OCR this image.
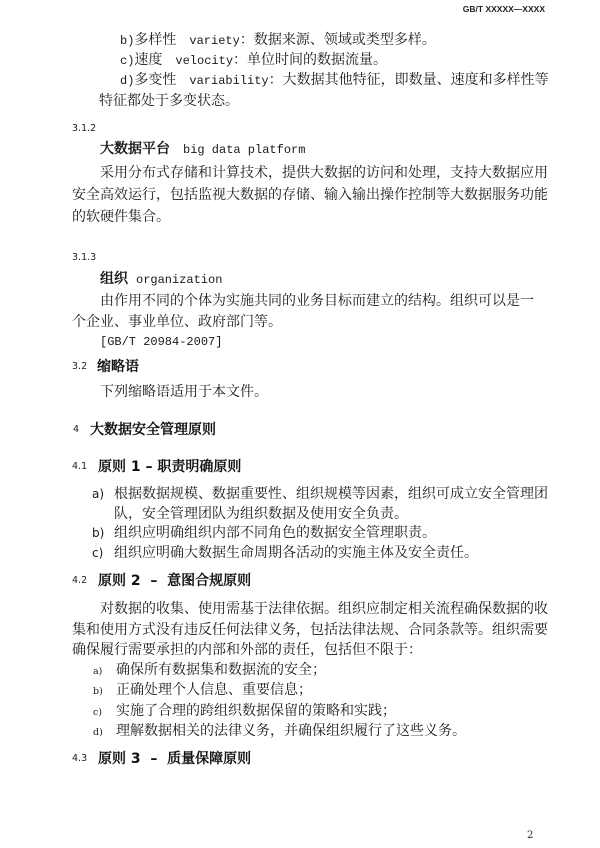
GB/T XXXXX—XXXX
b)多样性 variety：数据来源、领域或类型多样。
c)速度 velocity：单位时间的数据流量。
d)多变性 variability：大数据其他特征，即数量、速度和多样性等
特征都处于多变状态。
3.1.2
大数据平台 big data platform
采用分布式存储和计算技术，提供大数据的访问和处理，支持大数据应用
安全高效运行，包括监视大数据的存储、输入输出操作控制等大数据服务功能
的软硬件集合。
3.1.3
组织 organization
由作用不同的个体为实施共同的业务目标而建立的结构。组织可以是一
个企业、事业单位、政府部门等。
[GB/T 20984-2007]
3.2 缩略语
下列缩略语适用于本文件。
4 大数据安全管理原则
4.1 原则 1 – 职责明确原则
a) 根据数据规模、数据重要性、组织规模等因素，组织可成立安全管理团
队，安全管理团队为组织数据及使用安全负责。
b) 组织应明确组织内部不同角色的数据安全管理职责。
c) 组织应明确大数据生命周期各活动的实施主体及安全责任。
4.2 原则 2  –  意图合规原则
对数据的收集、使用需基于法律依据。组织应制定相关流程确保数据的收
集和使用方式没有违反任何法律义务，包括法律法规、合同条款等。组织需要
确保履行需要承担的内部和外部的责任，包括但不限于：
a) 确保所有数据集和数据流的安全；
b) 正确处理个人信息、重要信息；
c) 实施了合理的跨组织数据保留的策略和实践；
d) 理解数据相关的法律义务，并确保组织履行了这些义务。
4.3 原则 3  –  质量保障原则
2
